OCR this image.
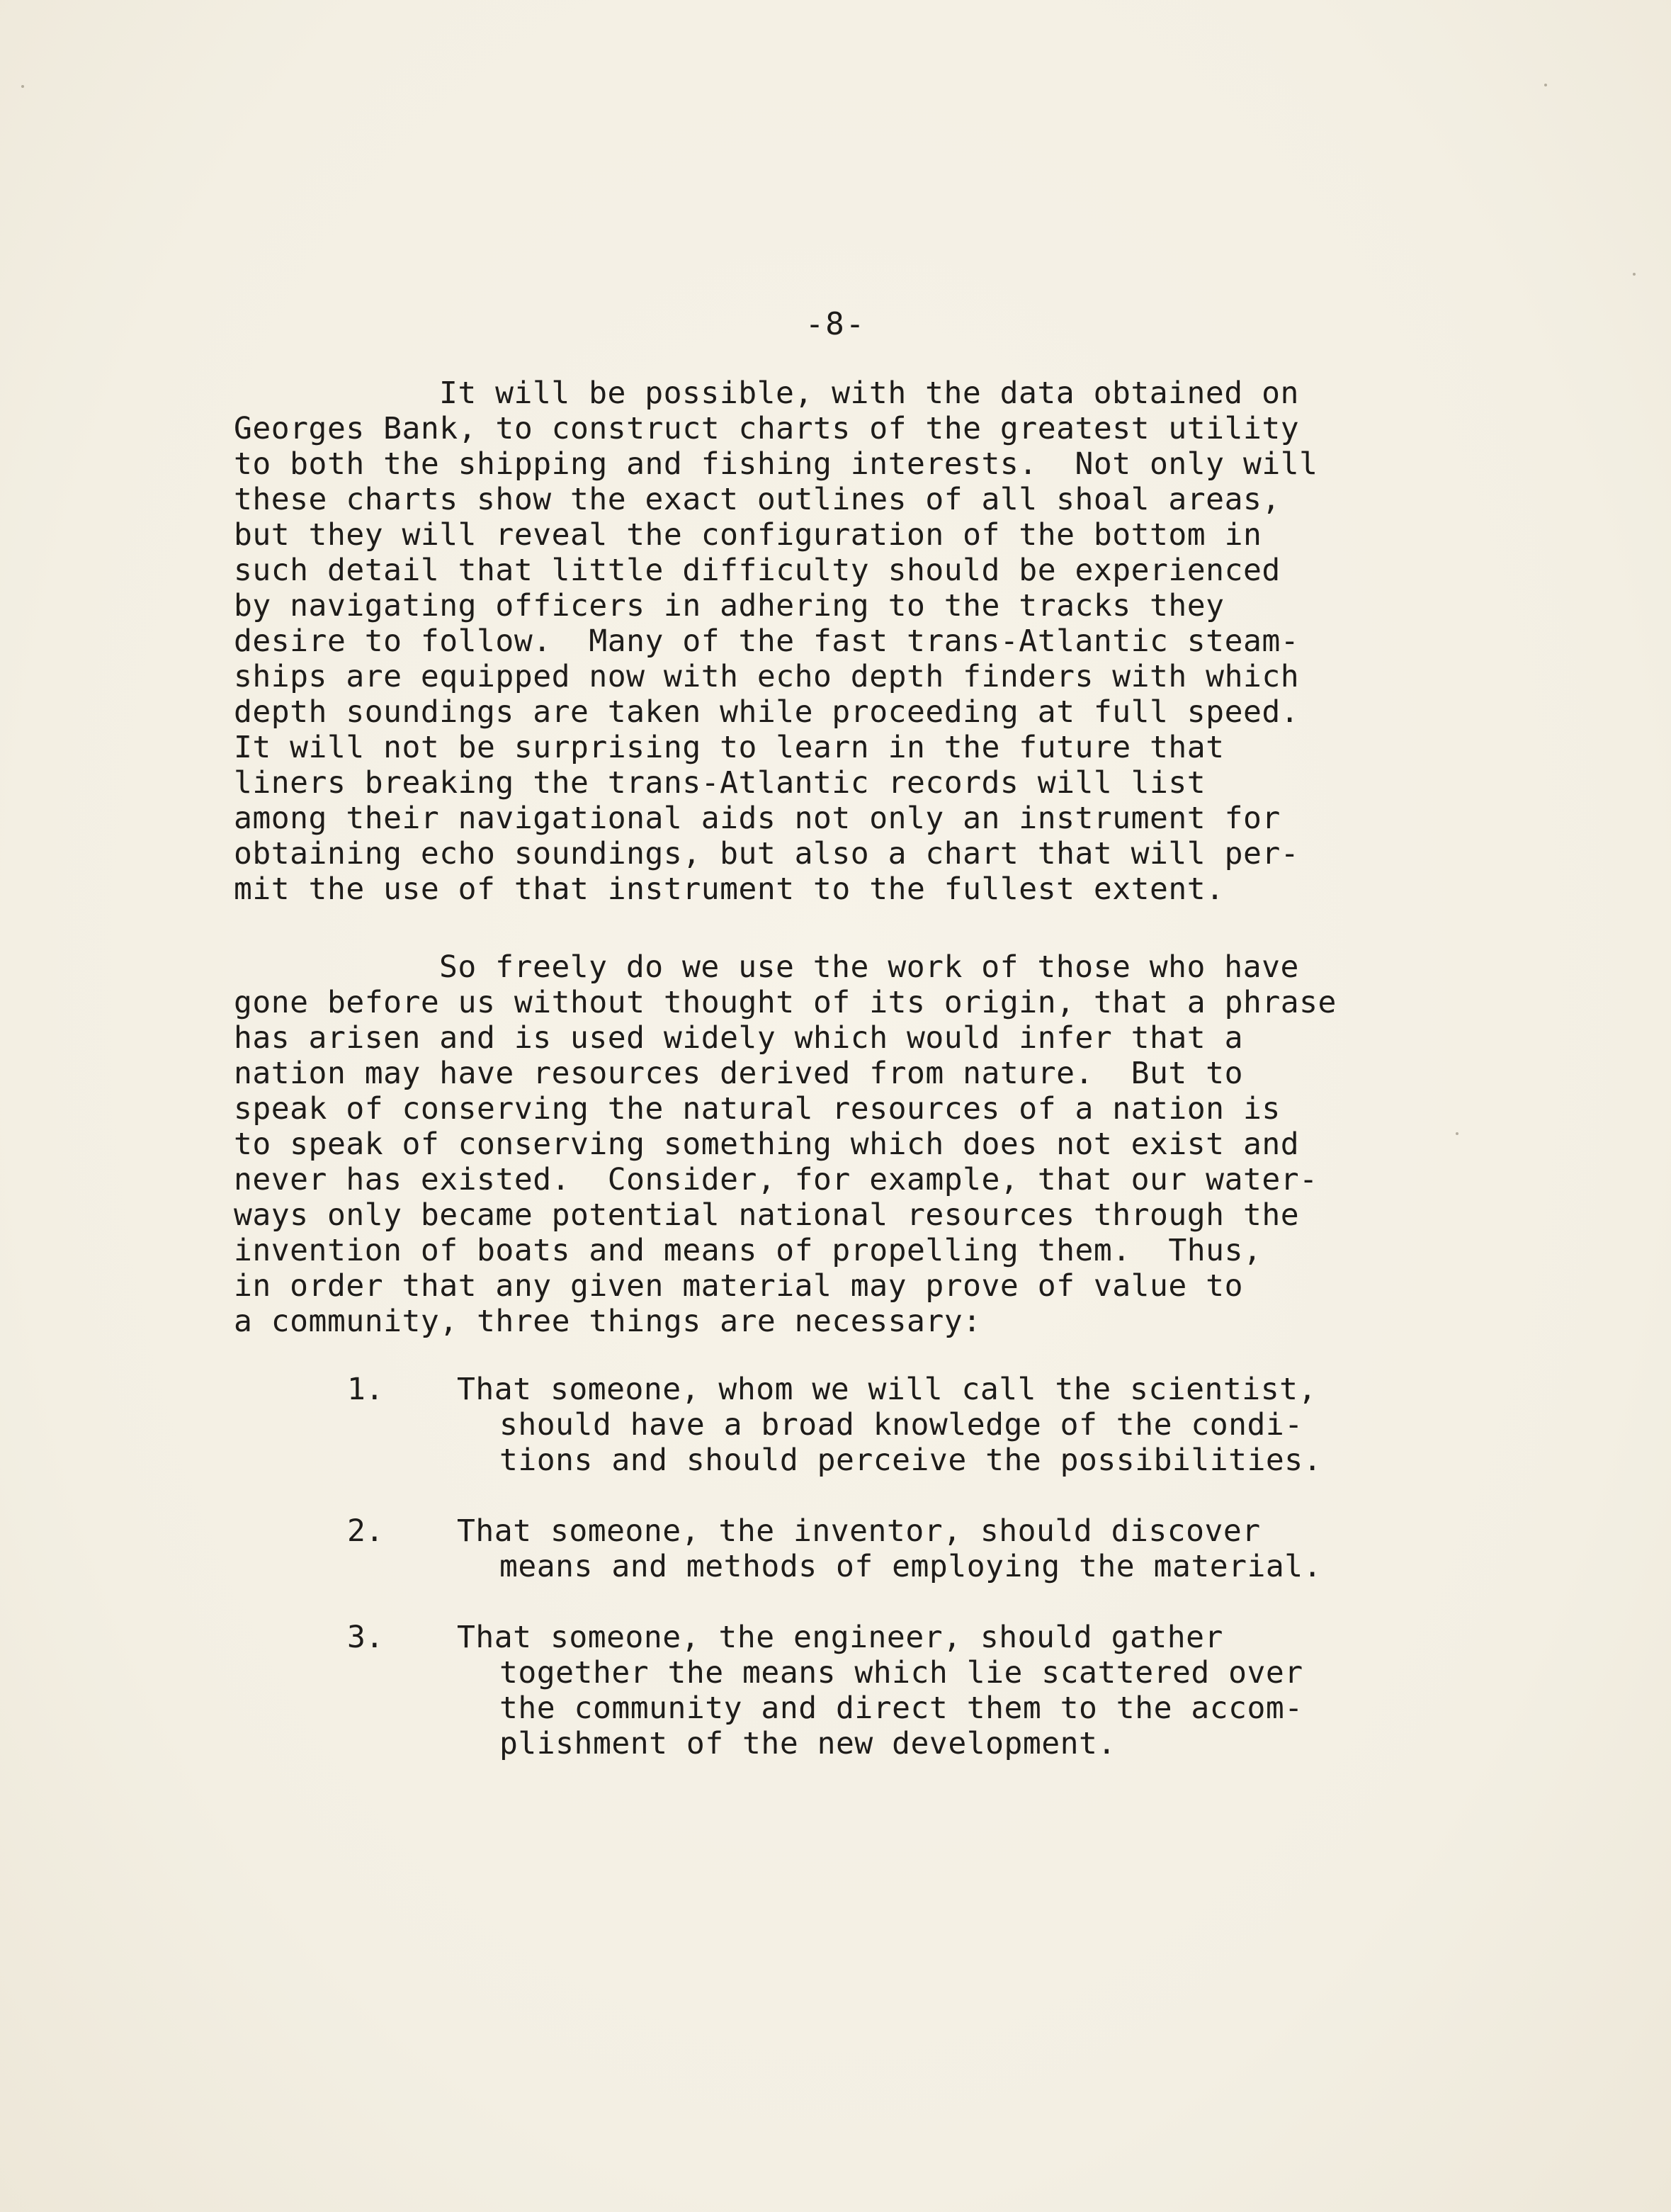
-8-
It will be possible, with the data obtained on
Georges Bank, to construct charts of the greatest utility
to both the shipping and fishing interests.  Not only will
these charts show the exact outlines of all shoal areas,
but they will reveal the configuration of the bottom in
such detail that little difficulty should be experienced
by navigating officers in adhering to the tracks they
desire to follow.  Many of the fast trans-Atlantic steam-
ships are equipped now with echo depth finders with which
depth soundings are taken while proceeding at full speed.
It will not be surprising to learn in the future that
liners breaking the trans-Atlantic records will list
among their navigational aids not only an instrument for
obtaining echo soundings, but also a chart that will per-
mit the use of that instrument to the fullest extent.
So freely do we use the work of those who have
gone before us without thought of its origin, that a phrase
has arisen and is used widely which would infer that a
nation may have resources derived from nature.  But to
speak of conserving the natural resources of a nation is
to speak of conserving something which does not exist and
never has existed.  Consider, for example, that our water-
ways only became potential national resources through the
invention of boats and means of propelling them.  Thus,
in order that any given material may prove of value to
a community, three things are necessary:
1. That someone, whom we will call the scientist,
should have a broad knowledge of the condi-
tions and should perceive the possibilities.
2. That someone, the inventor, should discover
means and methods of employing the material.
3. That someone, the engineer, should gather
together the means which lie scattered over
the community and direct them to the accom-
plishment of the new development.
